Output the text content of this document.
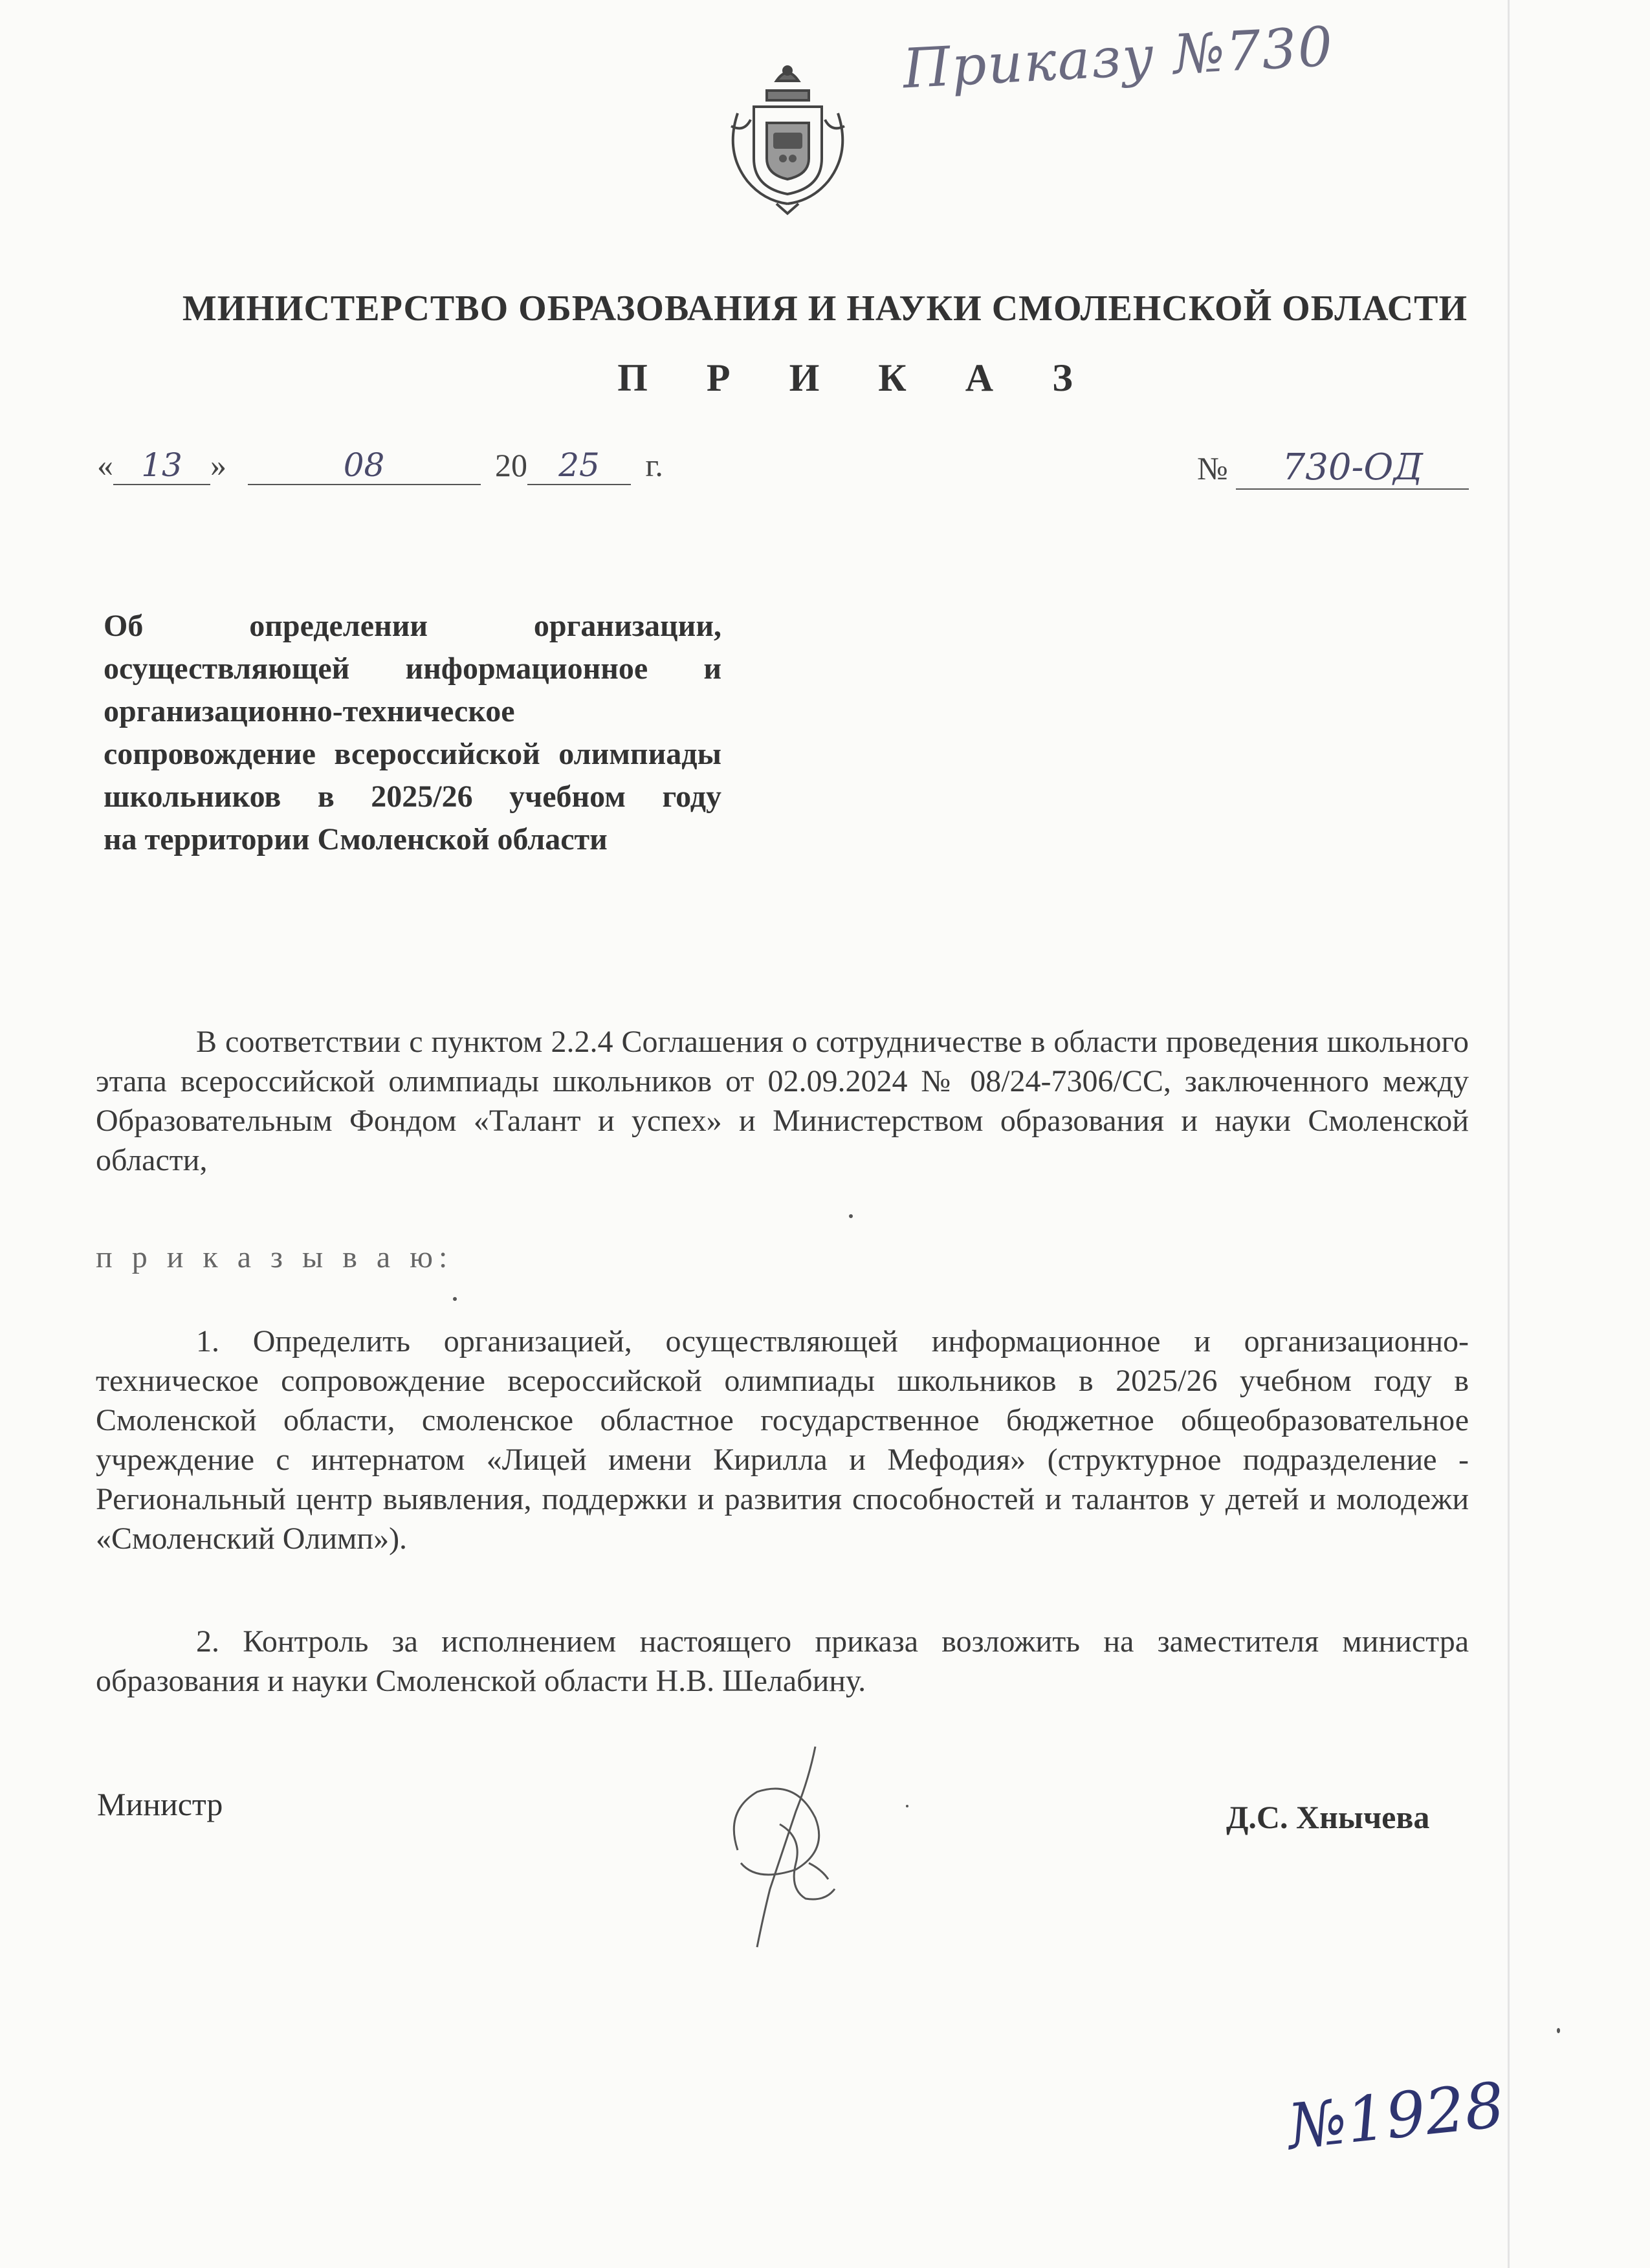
Приказу №730
МИНИСТЕРСТВО ОБРАЗОВАНИЯ И НАУКИ СМОЛЕНСКОЙ ОБЛАСТИ
П Р И К А З
« 13 »	08	20 25 г.	№ 730-ОД
Об определении организации, осуществляющей информационное и организационно-техническое сопровождение всероссийской олимпиады школьников в 2025/26 учебном году
на территории Смоленской области
В соответствии с пунктом 2.2.4 Соглашения о сотрудничестве в области проведения школьного этапа всероссийской олимпиады школьников от 02.09.2024 № 08/24-7306/СС, заключенного между Образовательным Фондом «Талант и успех» и Министерством образования и науки Смоленской области,
п р и к а з ы в а ю:
1. Определить организацией, осуществляющей информационное и организационно-техническое сопровождение всероссийской олимпиады школьников в 2025/26 учебном году в Смоленской области, смоленское областное государственное бюджетное общеобразовательное учреждение с интернатом «Лицей имени Кирилла и Мефодия» (структурное подразделение - Региональный центр выявления, поддержки и развития способностей и талантов у детей и молодежи «Смоленский Олимп»).
2. Контроль за исполнением настоящего приказа возложить на заместителя министра образования и науки Смоленской области Н.В. Шелабину.
Министр	Д.С. Хнычева
№1928
